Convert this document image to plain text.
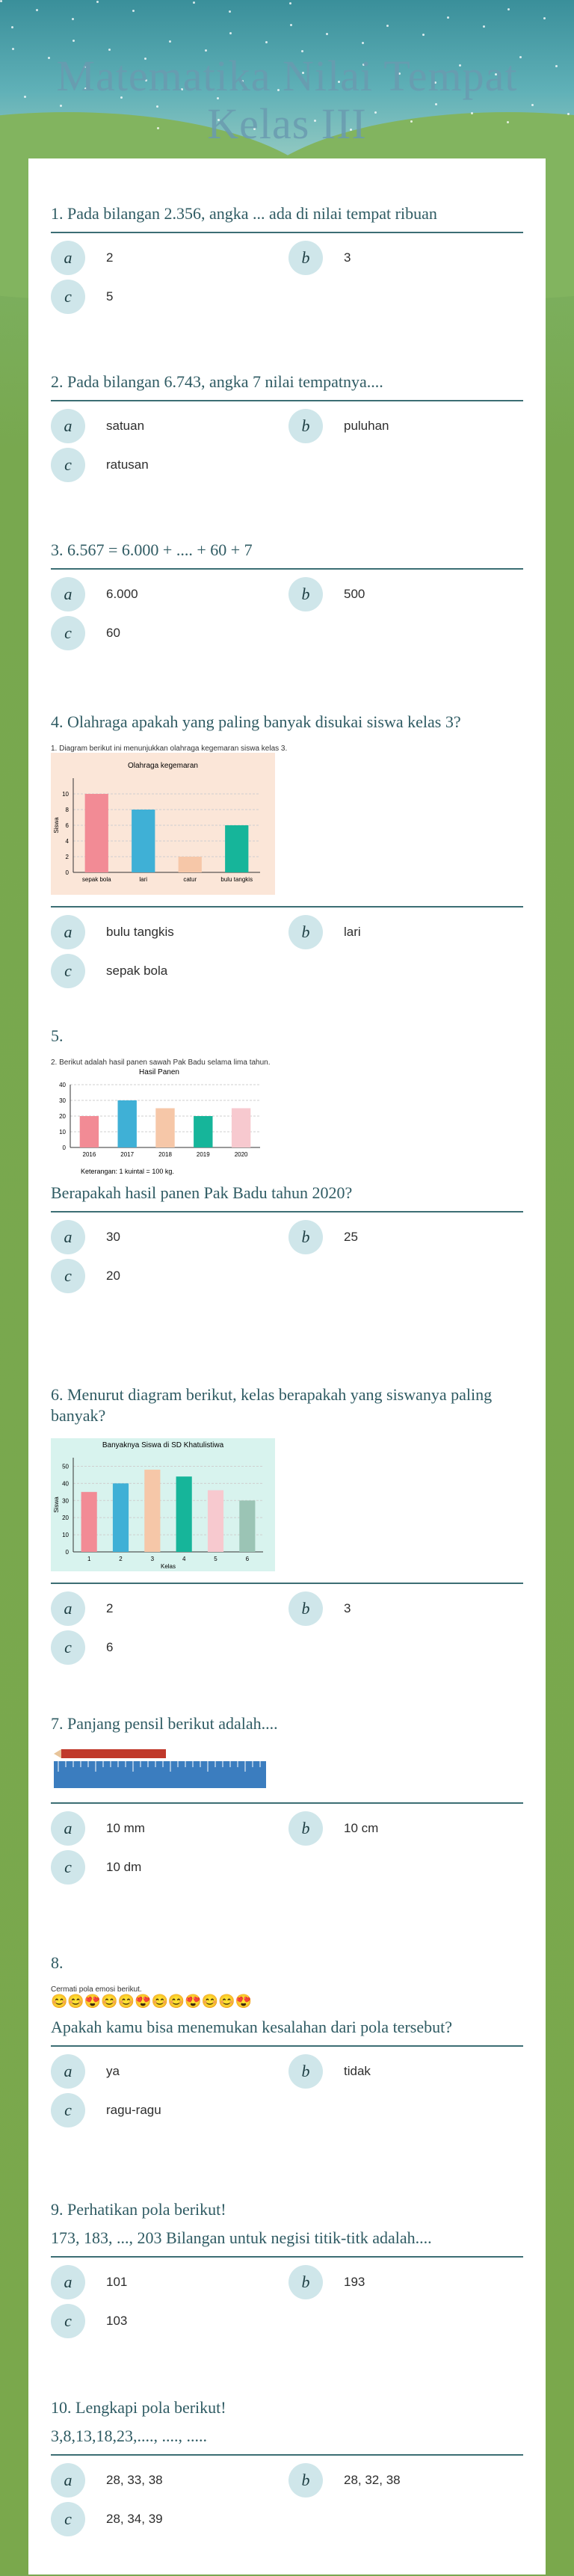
Matematika Nilai Tempat
Kelas III
1. Pada bilangan 2.356, angka ... ada di nilai tempat ribuan
a	2	b	3
c	5
2. Pada bilangan 6.743, angka 7 nilai tempatnya....
a	satuan	b	puluhan
c	ratusan
3. 6.567 = 6.000 + .... + 60 + 7
a	6.000	b	500
c	60
4. Olahraga apakah yang paling banyak disukai siswa kelas 3?
1. Diagram berikut ini menunjukkan olahraga kegemaran siswa kelas 3.
Olahraga kegemaran
0
2
4
6
8
10
sepak bola	lari	catur	bulu tangkis
Siswa
a	bulu tangkis	b	lari
c	sepak bola
5.
2. Berikut adalah hasil panen sawah Pak Badu selama lima tahun.
Hasil Panen
0
10
20
30
40
2016	2017	2018	2019	2020
Keterangan: 1 kuintal = 100 kg.
Berapakah hasil panen Pak Badu tahun 2020?
a	30	b	25
c	20
6. Menurut diagram berikut, kelas berapakah yang siswanya paling banyak?
Banyaknya Siswa di SD Khatulistiwa
0
10
20
30
40
50
1	2	3	4	5	6
Siswa
Kelas
a	2	b	3
c	6
7. Panjang pensil berikut adalah....
a	10 mm	b	10 cm
c	10 dm
8.
Cermati pola emosi berikut.
😊😊😍😊😊😍😊😊😍😊😊😍
Apakah kamu bisa menemukan kesalahan dari pola tersebut?
a	ya	b	tidak
c	ragu-ragu
9. Perhatikan pola berikut!
173, 183, ..., 203 Bilangan untuk negisi titik-titk adalah....
a	101	b	193
c	103
10. Lengkapi pola berikut!
3,8,13,18,23,...., ...., .....
a	28, 33, 38	b	28, 32, 38
c	28, 34, 39
